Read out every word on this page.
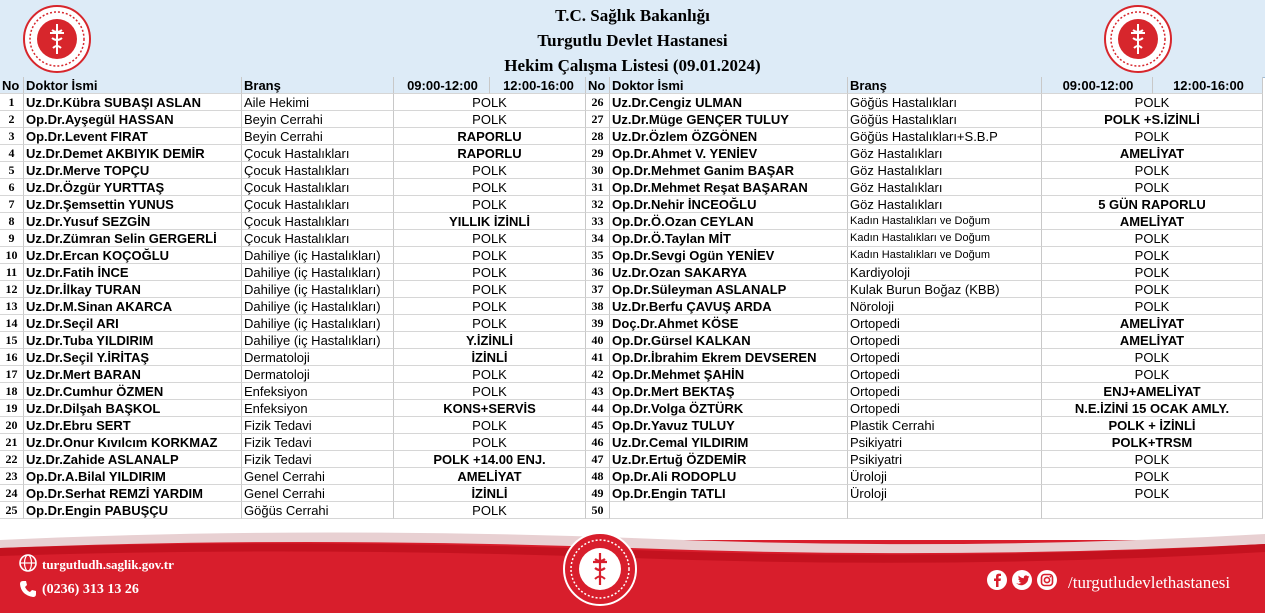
T.C. Sağlık Bakanlığı
Turgutlu Devlet Hastanesi
Hekim Çalışma Listesi (09.01.2024)
No Doktor İsmi	Branş	09:00-12:00	12:00-16:00	No Doktor İsmi	Branş	09:00-12:00	12:00-16:00
1 Uz.Dr.Kübra SUBAŞI ASLAN	Aile Hekimi	POLK
2 Op.Dr.Ayşegül HASSAN	Beyin Cerrahi	POLK
3 Op.Dr.Levent FIRAT	Beyin Cerrahi	RAPORLU
4 Uz.Dr.Demet AKBIYIK DEMİR	Çocuk Hastalıkları	RAPORLU
5 Uz.Dr.Merve TOPÇU	Çocuk Hastalıkları	POLK
6 Uz.Dr.Özgür YURTTAŞ	Çocuk Hastalıkları	POLK
7 Uz.Dr.Şemsettin YUNUS	Çocuk Hastalıkları	POLK
8 Uz.Dr.Yusuf SEZGİN	Çocuk Hastalıkları	YILLIK İZİNLİ
9 Uz.Dr.Zümran Selin GERGERLİ	Çocuk Hastalıkları	POLK
10 Uz.Dr.Ercan KOÇOĞLU	Dahiliye (iç Hastalıkları)	POLK
11 Uz.Dr.Fatih İNCE	Dahiliye (iç Hastalıkları)	POLK
12 Uz.Dr.İlkay TURAN	Dahiliye (iç Hastalıkları)	POLK
13 Uz.Dr.M.Sinan AKARCA	Dahiliye (iç Hastalıkları)	POLK
14 Uz.Dr.Seçil ARI	Dahiliye (iç Hastalıkları)	POLK
15 Uz.Dr.Tuba YILDIRIM	Dahiliye (iç Hastalıkları)	Y.İZİNLİ
16 Uz.Dr.Seçil Y.İRİTAŞ	Dermatoloji	İZİNLİ
17 Uz.Dr.Mert BARAN	Dermatoloji	POLK
18 Uz.Dr.Cumhur ÖZMEN	Enfeksiyon	POLK
19 Uz.Dr.Dilşah BAŞKOL	Enfeksiyon	KONS+SERVİS
20 Uz.Dr.Ebru SERT	Fizik Tedavi	POLK
21 Uz.Dr.Onur Kıvılcım KORKMAZ	Fizik Tedavi	POLK
22 Uz.Dr.Zahide ASLANALP	Fizik Tedavi	POLK +14.00 ENJ.
23 Op.Dr.A.Bilal YILDIRIM	Genel Cerrahi	AMELİYAT
24 Op.Dr.Serhat REMZİ YARDIM	Genel Cerrahi	İZİNLİ
25 Op.Dr.Engin PABUŞÇU	Göğüs Cerrahi	POLK
26 Uz.Dr.Cengiz ULMAN	Göğüs Hastalıkları	POLK
27 Uz.Dr.Müge GENÇER TULUY	Göğüs Hastalıkları	POLK +S.İZİNLİ
28 Uz.Dr.Özlem ÖZGÖNEN	Göğüs Hastalıkları+S.B.P	POLK
29 Op.Dr.Ahmet V. YENİEV	Göz Hastalıkları	AMELİYAT
30 Op.Dr.Mehmet Ganim BAŞAR	Göz Hastalıkları	POLK
31 Op.Dr.Mehmet Reşat BAŞARAN	Göz Hastalıkları	POLK
32 Op.Dr.Nehir İNCEOĞLU	Göz Hastalıkları	5 GÜN RAPORLU
33 Op.Dr.Ö.Ozan CEYLAN	Kadın Hastalıkları ve Doğum	AMELİYAT
34 Op.Dr.Ö.Taylan MİT	Kadın Hastalıkları ve Doğum	POLK
35 Op.Dr.Sevgi Ogün YENİEV	Kadın Hastalıkları ve Doğum	POLK
36 Uz.Dr.Ozan SAKARYA	Kardiyoloji	POLK
37 Op.Dr.Süleyman ASLANALP	Kulak Burun Boğaz (KBB)	POLK
38 Uz.Dr.Berfu ÇAVUŞ ARDA	Nöroloji	POLK
39 Doç.Dr.Ahmet KÖSE	Ortopedi	AMELİYAT
40 Op.Dr.Gürsel KALKAN	Ortopedi	AMELİYAT
41 Op.Dr.İbrahim Ekrem DEVSEREN	Ortopedi	POLK
42 Op.Dr.Mehmet ŞAHİN	Ortopedi	POLK
43 Op.Dr.Mert BEKTAŞ	Ortopedi	ENJ+AMELİYAT
44 Op.Dr.Volga ÖZTÜRK	Ortopedi	N.E.İZİNİ 15 OCAK AMLY.
45 Op.Dr.Yavuz TULUY	Plastik Cerrahi	POLK + İZİNLİ
46 Uz.Dr.Cemal YILDIRIM	Psikiyatri	POLK+TRSM
47 Uz.Dr.Ertuğ ÖZDEMİR	Psikiyatri	POLK
48 Op.Dr.Ali RODOPLU	Üroloji	POLK
49 Op.Dr.Engin TATLI	Üroloji	POLK
50
turgutludh.saglik.gov.tr
(0236) 313 13 26	/turgutludevlethastanesi
